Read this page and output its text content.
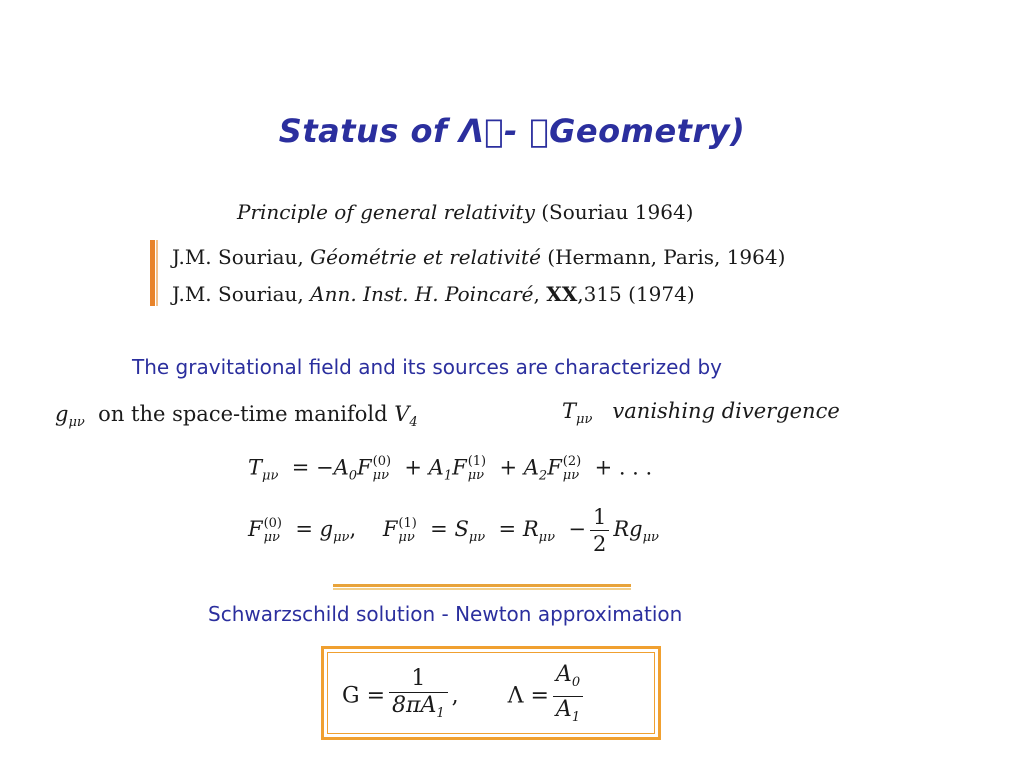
Status of Λ - Geometry)
Principle of general relativity (Souriau 1964)
J.M. Souriau, Géométrie et relativité (Hermann, Paris, 1964)
J.M. Souriau, Ann. Inst. H. Poincaré, XX,315 (1974)
The gravitational field and its sources are characterized by
$g_{\mu\nu}$ on the space-time manifold $V_4$	$T_{\mu\nu}$ vanishing divergence
$T_{\mu\nu} = -A_0F$ (0)
$\mu\nu + A_1F$ (1)
$\mu\nu + A_2F$ (2)
μν + . . .
F (0)
$\mu\nu = g_{\mu\nu}$,    F (1)
$\mu\nu = S_{\mu\nu} = R_{\mu\nu} - \frac{1}{2} Rg_{\mu\nu}$
Schwarzschild solution - Newton approximation
$G = \frac{1}{8\pi A_1}$ ,       $\Lambda = \frac{A_0}{A_1}$
